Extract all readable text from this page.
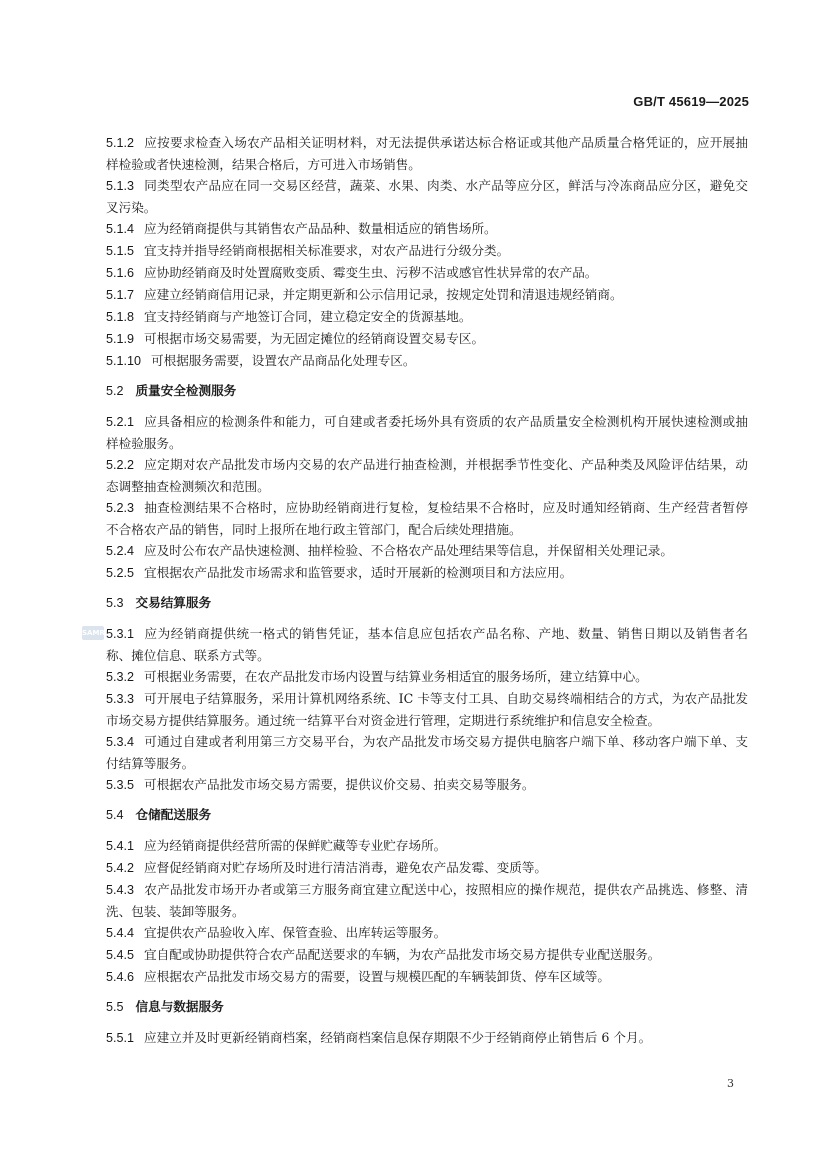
GB/T 45619—2025

5.1.2 应按要求检查入场农产品相关证明材料，对无法提供承诺达标合格证或其他产品质量合格凭证的，应开展抽样检验或者快速检测，结果合格后，方可进入市场销售。

5.1.3 同类型农产品应在同一交易区经营，蔬菜、水果、肉类、水产品等应分区，鲜活与冷冻商品应分区，避免交叉污染。

5.1.4 应为经销商提供与其销售农产品品种、数量相适应的销售场所。

5.1.5 宜支持并指导经销商根据相关标准要求，对农产品进行分级分类。

5.1.6 应协助经销商及时处置腐败变质、霉变生虫、污秽不洁或感官性状异常的农产品。

5.1.7 应建立经销商信用记录，并定期更新和公示信用记录，按规定处罚和清退违规经销商。

5.1.8 宜支持经销商与产地签订合同，建立稳定安全的货源基地。

5.1.9 可根据市场交易需要，为无固定摊位的经销商设置交易专区。

5.1.10 可根据服务需要，设置农产品商品化处理专区。

5.2 质量安全检测服务

5.2.1 应具备相应的检测条件和能力，可自建或者委托场外具有资质的农产品质量安全检测机构开展快速检测或抽样检验服务。

5.2.2 应定期对农产品批发市场内交易的农产品进行抽查检测，并根据季节性变化、产品种类及风险评估结果，动态调整抽查检测频次和范围。

5.2.3 抽查检测结果不合格时，应协助经销商进行复检，复检结果不合格时，应及时通知经销商、生产经营者暂停不合格农产品的销售，同时上报所在地行政主管部门，配合后续处理措施。

5.2.4 应及时公布农产品快速检测、抽样检验、不合格农产品处理结果等信息，并保留相关处理记录。

5.2.5 宜根据农产品批发市场需求和监管要求，适时开展新的检测项目和方法应用。

5.3 交易结算服务

5.3.1 应为经销商提供统一格式的销售凭证，基本信息应包括农产品名称、产地、数量、销售日期以及销售者名称、摊位信息、联系方式等。

5.3.2 可根据业务需要，在农产品批发市场内设置与结算业务相适宜的服务场所，建立结算中心。

5.3.3 可开展电子结算服务，采用计算机网络系统、IC 卡等支付工具、自助交易终端相结合的方式，为农产品批发市场交易方提供结算服务。通过统一结算平台对资金进行管理，定期进行系统维护和信息安全检查。

5.3.4 可通过自建或者利用第三方交易平台，为农产品批发市场交易方提供电脑客户端下单、移动客户端下单、支付结算等服务。

5.3.5 可根据农产品批发市场交易方需要，提供议价交易、拍卖交易等服务。

5.4 仓储配送服务

5.4.1 应为经销商提供经营所需的保鲜贮藏等专业贮存场所。

5.4.2 应督促经销商对贮存场所及时进行清洁消毒，避免农产品发霉、变质等。

5.4.3 农产品批发市场开办者或第三方服务商宜建立配送中心，按照相应的操作规范，提供农产品挑选、修整、清洗、包装、装卸等服务。

5.4.4 宜提供农产品验收入库、保管查验、出库转运等服务。

5.4.5 宜自配或协助提供符合农产品配送要求的车辆，为农产品批发市场交易方提供专业配送服务。

5.4.6 应根据农产品批发市场交易方的需要，设置与规模匹配的车辆装卸货、停车区域等。

5.5 信息与数据服务

5.5.1 应建立并及时更新经销商档案，经销商档案信息保存期限不少于经销商停止销售后 6 个月。

SAMR
3
